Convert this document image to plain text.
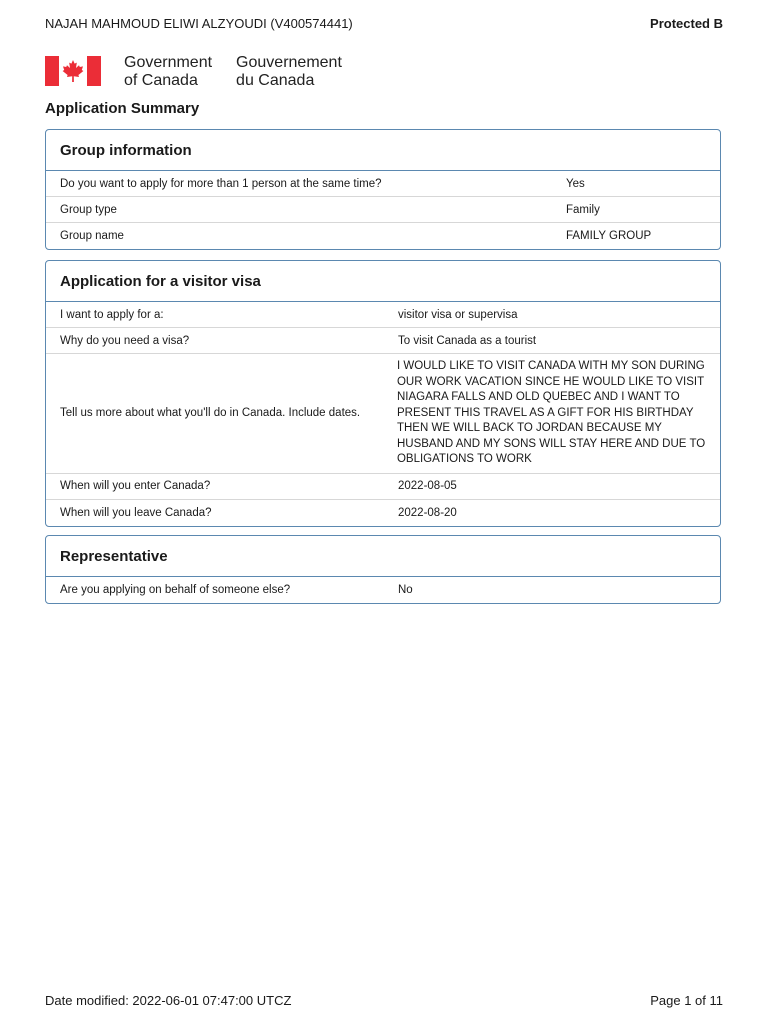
NAJAH MAHMOUD ELIWI ALZYOUDI (V400574441)	Protected B
Government
of Canada
Gouvernement
du Canada
Application Summary
Group information
Do you want to apply for more than 1 person at the same time?	Yes
Group type	Family
Group name	FAMILY GROUP
Application for a visitor visa
I want to apply for a:	visitor visa or supervisa
Why do you need a visa?	To visit Canada as a tourist
Tell us more about what you'll do in Canada. Include dates.
I WOULD LIKE TO VISIT CANADA WITH MY SON DURING OUR WORK VACATION SINCE HE WOULD LIKE TO VISIT NIAGARA FALLS AND OLD QUEBEC AND I WANT TO PRESENT THIS TRAVEL AS A GIFT FOR HIS BIRTHDAY THEN WE WILL BACK TO JORDAN BECAUSE MY HUSBAND AND MY SONS WILL STAY HERE AND DUE TO OBLIGATIONS TO WORK
When will you enter Canada?	2022-08-05
When will you leave Canada?	2022-08-20
Representative
Are you applying on behalf of someone else?	No
Date modified: 2022-06-01 07:47:00 UTCZ	Page 1 of 11
